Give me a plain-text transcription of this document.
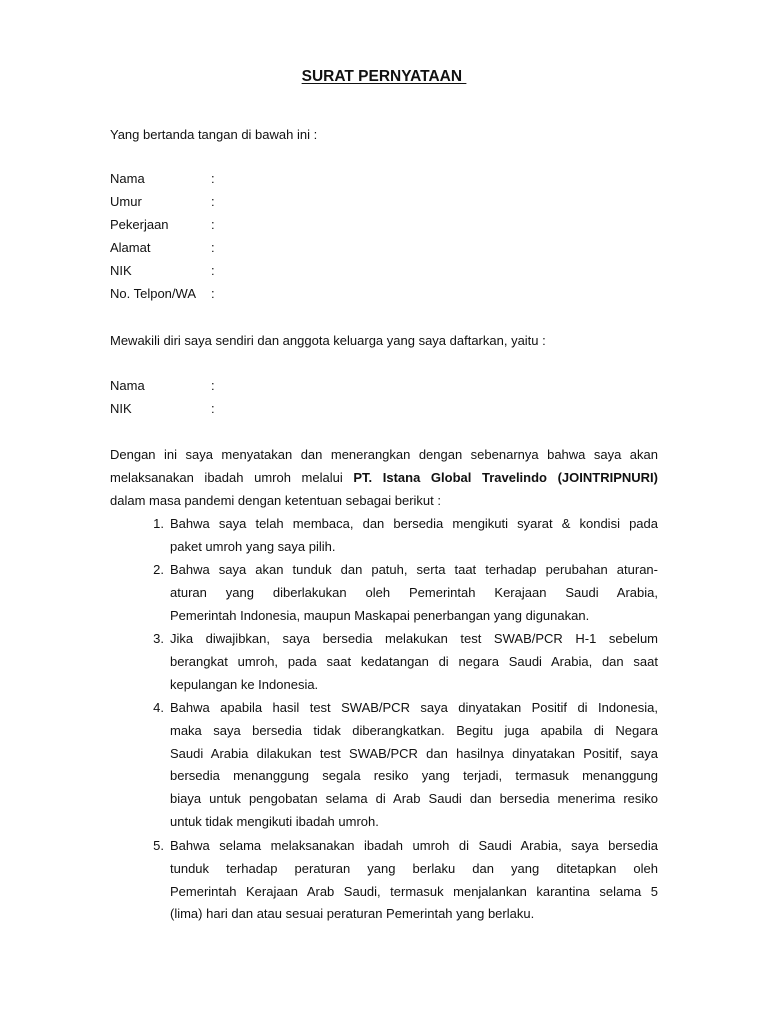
SURAT PERNYATAAN
Yang bertanda tangan di bawah ini :
Nama	:
Umur	:
Pekerjaan	:
Alamat	:
NIK	:
No. Telpon/WA :
Mewakili diri saya sendiri dan anggota keluarga yang saya daftarkan, yaitu :
Nama	:
NIK	:
Dengan ini saya menyatakan dan menerangkan dengan sebenarnya bahwa saya akan
melaksanakan ibadah umroh melalui PT. Istana Global Travelindo (JOINTRIPNURI)
dalam masa pandemi dengan ketentuan sebagai berikut :
1. Bahwa saya telah membaca, dan bersedia mengikuti syarat & kondisi pada
paket umroh yang saya pilih.
2. Bahwa saya akan tunduk dan patuh, serta taat terhadap perubahan aturan-
aturan yang diberlakukan oleh Pemerintah Kerajaan Saudi Arabia,
Pemerintah Indonesia, maupun Maskapai penerbangan yang digunakan.
3. Jika diwajibkan, saya bersedia melakukan test SWAB/PCR H-1 sebelum
berangkat umroh, pada saat kedatangan di negara Saudi Arabia, dan saat
kepulangan ke Indonesia.
4. Bahwa apabila hasil test SWAB/PCR saya dinyatakan Positif di Indonesia,
maka saya bersedia tidak diberangkatkan. Begitu juga apabila di Negara
Saudi Arabia dilakukan test SWAB/PCR dan hasilnya dinyatakan Positif, saya
bersedia menanggung segala resiko yang terjadi, termasuk menanggung
biaya untuk pengobatan selama di Arab Saudi dan bersedia menerima resiko
untuk tidak mengikuti ibadah umroh.
5. Bahwa selama melaksanakan ibadah umroh di Saudi Arabia, saya bersedia
tunduk terhadap peraturan yang berlaku dan yang ditetapkan oleh
Pemerintah Kerajaan Arab Saudi, termasuk menjalankan karantina selama 5
(lima) hari dan atau sesuai peraturan Pemerintah yang berlaku.
